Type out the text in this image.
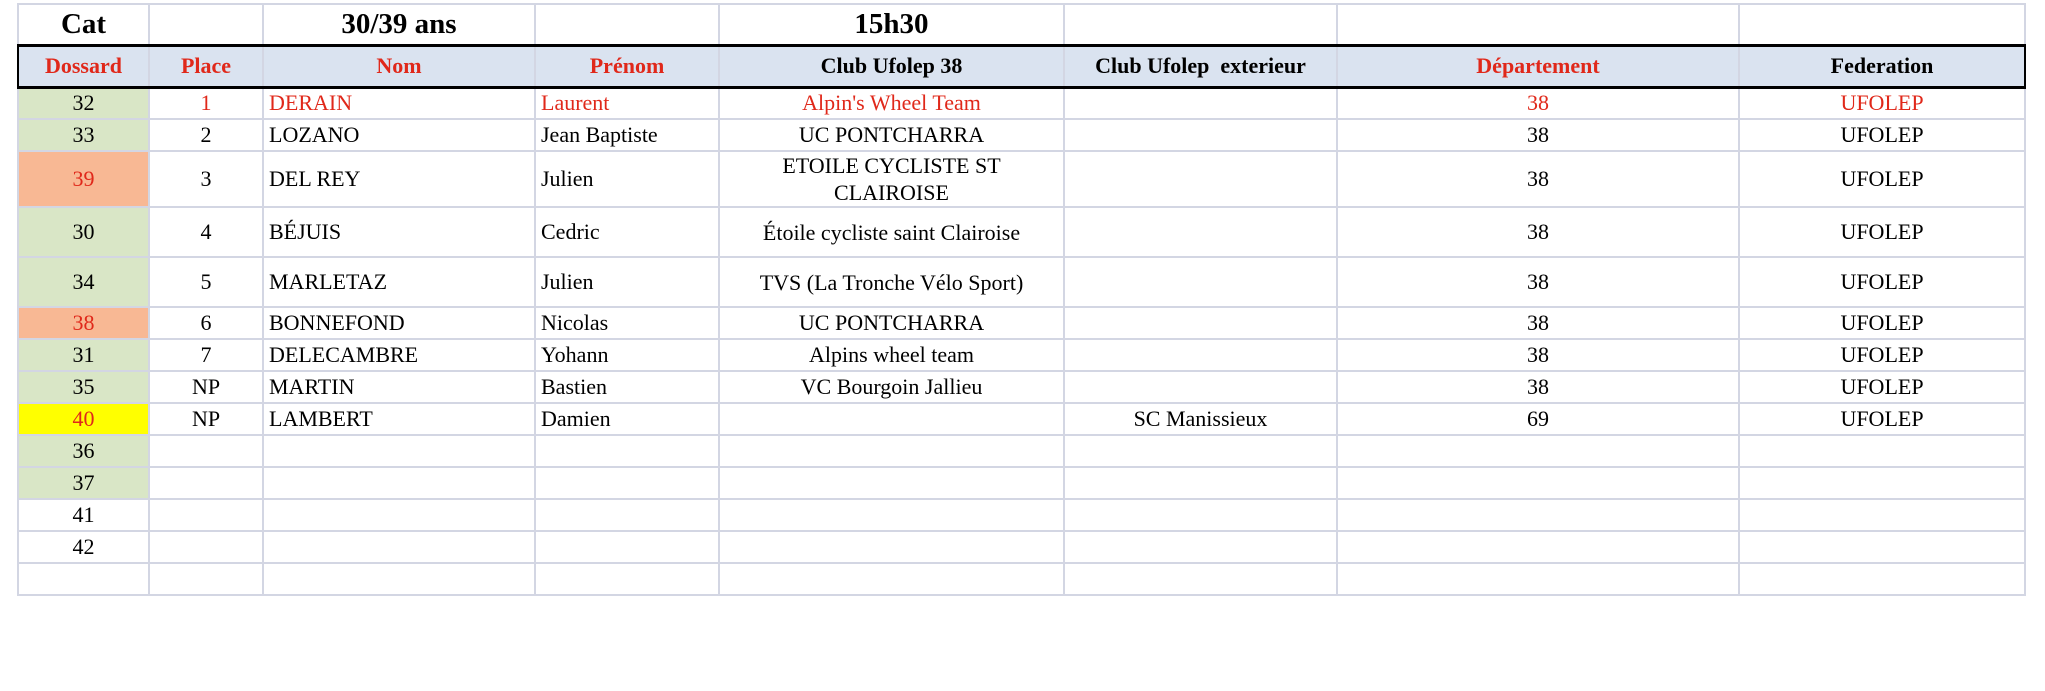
Cat		30/39 ans		15h30			
Dossard	Place	Nom	Prénom	Club Ufolep 38	Club Ufolep  exterieur	Département	Federation
32	1	DERAIN	Laurent	Alpin's Wheel Team		38	UFOLEP
33	2	LOZANO	Jean Baptiste	UC PONTCHARRA		38	UFOLEP
39	3	DEL REY	Julien	ETOILE CYCLISTE ST CLAIROISE		38	UFOLEP
30	4	BÉJUIS	Cedric	Étoile cycliste saint Clairoise		38	UFOLEP
34	5	MARLETAZ	Julien	TVS (La Tronche Vélo Sport)		38	UFOLEP
38	6	BONNEFOND	Nicolas	UC PONTCHARRA		38	UFOLEP
31	7	DELECAMBRE	Yohann	Alpins wheel team		38	UFOLEP
35	NP	MARTIN	Bastien	VC Bourgoin Jallieu		38	UFOLEP
40	NP	LAMBERT	Damien		SC Manissieux	69	UFOLEP
36							
37							
41							
42							
